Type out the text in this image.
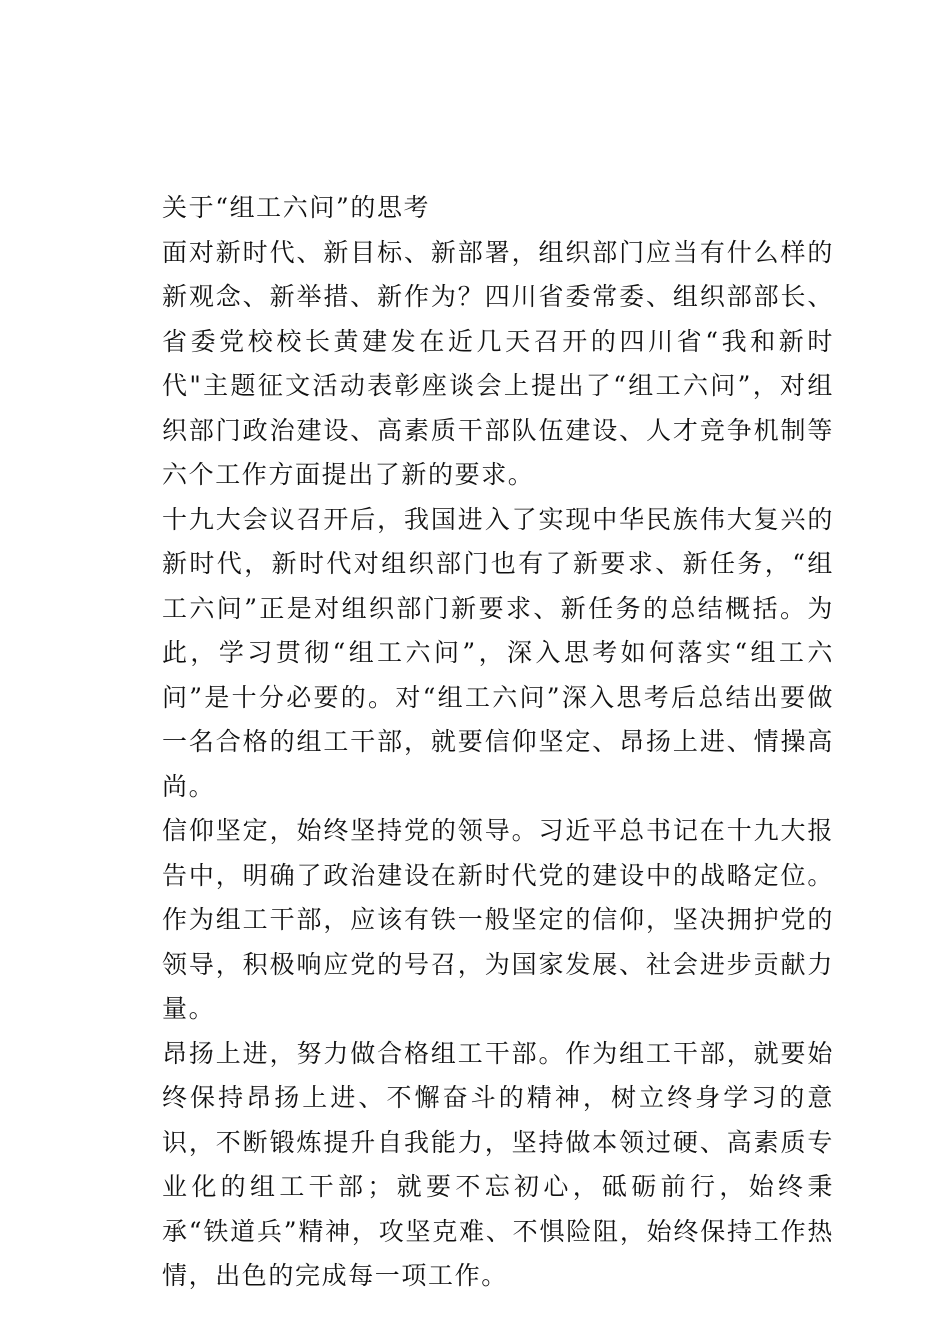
关于“组工六问”的思考

面对新时代、新目标、新部署，组织部门应当有什么样的新观念、新举措、新作为？四川省委常委、组织部部长、省委党校校长黄建发在近几天召开的四川省“我和新时代"主题征文活动表彰座谈会上提出了“组工六问”，对组织部门政治建设、高素质干部队伍建设、人才竞争机制等六个工作方面提出了新的要求。

十九大会议召开后，我国进入了实现中华民族伟大复兴的新时代，新时代对组织部门也有了新要求、新任务，“组工六问”正是对组织部门新要求、新任务的总结概括。为此，学习贯彻“组工六问”，深入思考如何落实“组工六问”是十分必要的。对“组工六问”深入思考后总结出要做一名合格的组工干部，就要信仰坚定、昂扬上进、情操高尚。

信仰坚定，始终坚持党的领导。习近平总书记在十九大报告中，明确了政治建设在新时代党的建设中的战略定位。作为组工干部，应该有铁一般坚定的信仰，坚决拥护党的领导，积极响应党的号召，为国家发展、社会进步贡献力量。

昂扬上进，努力做合格组工干部。作为组工干部，就要始终保持昂扬上进、不懈奋斗的精神，树立终身学习的意识，不断锻炼提升自我能力，坚持做本领过硬、高素质专业化的组工干部；就要不忘初心，砥砺前行，始终秉承“铁道兵”精神，攻坚克难、不惧险阻，始终保持工作热情，出色的完成每一项工作。
